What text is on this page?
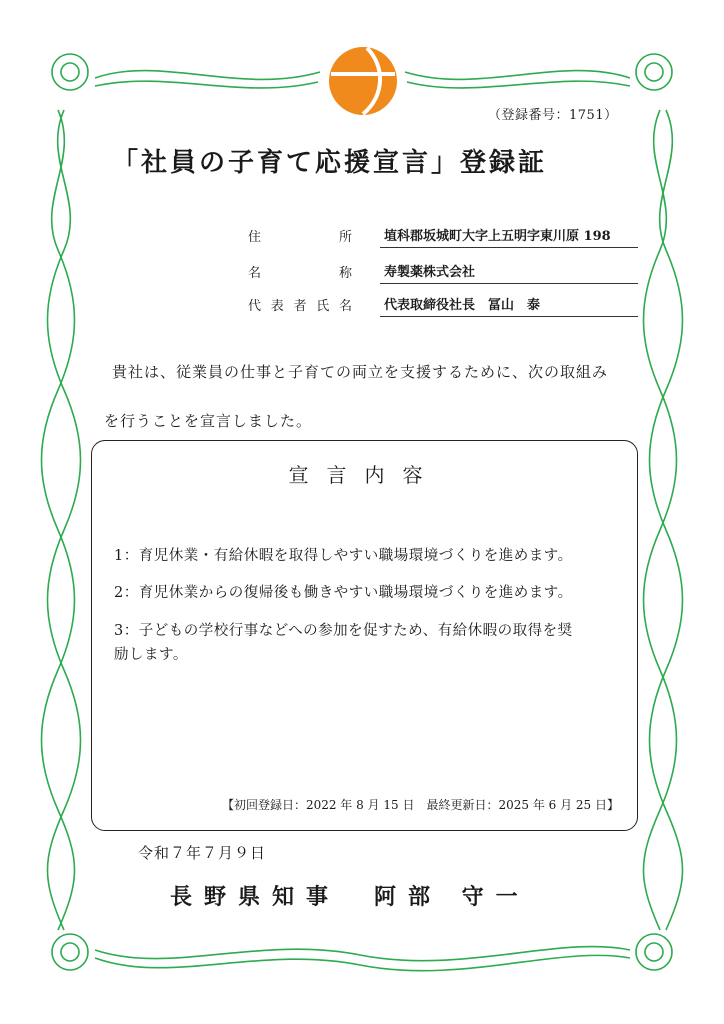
（登録番号：1751）
「社員の子育て応援宣言」登録証
住	所	埴科郡坂城町大字上五明字東川原 198
名	称	寿製薬株式会社
代 表 者 氏 名	代表取締役社長　冨山　泰
貴社は、従業員の仕事と子育ての両立を支援するために、次の取組み
を行うことを宣言しました。
宣言内容
1：育児休業・有給休暇を取得しやすい職場環境づくりを進めます。
2：育児休業からの復帰後も働きやすい職場環境づくりを進めます。
3：子どもの学校行事などへの参加を促すため、有給休暇の取得を奨
励します。
【初回登録日：2022 年 8 月 15 日　最終更新日：2025 年 6 月 25 日】
令和７年７月９日
長野県知事　阿部 守一
